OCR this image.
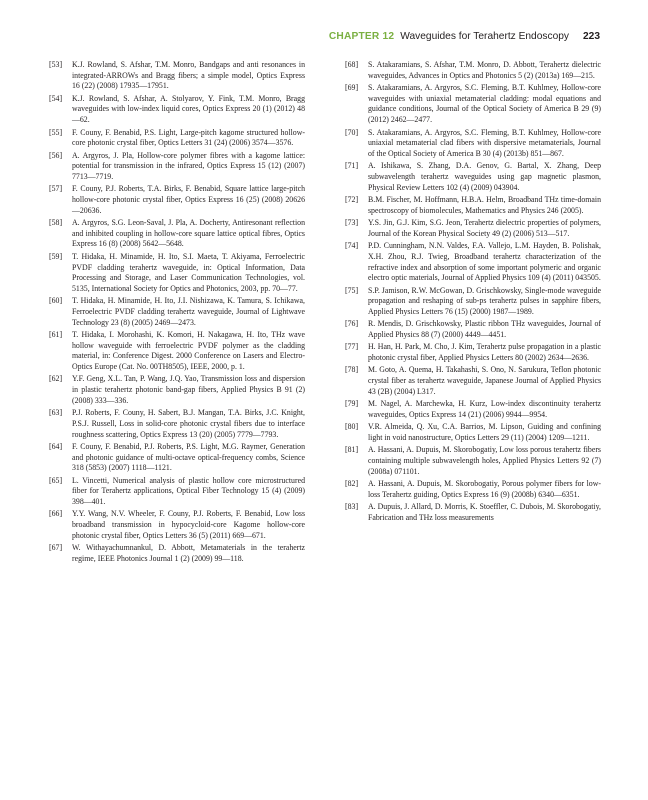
CHAPTER 12 Waveguides for Terahertz Endoscopy 223
[53] K.J. Rowland, S. Afshar, T.M. Monro, Bandgaps and anti resonances in integrated-ARROWs and Bragg fibers; a simple model, Optics Express 16 (22) (2008) 17935—17951.
[54] K.J. Rowland, S. Afshar, A. Stolyarov, Y. Fink, T.M. Monro, Bragg waveguides with low-index liquid cores, Optics Express 20 (1) (2012) 48—62.
[55] F. Couny, F. Benabid, P.S. Light, Large-pitch kagome structured hollow-core photonic crystal fiber, Optics Letters 31 (24) (2006) 3574—3576.
[56] A. Argyros, J. Pla, Hollow-core polymer fibres with a kagome lattice: potential for transmission in the infrared, Optics Express 15 (12) (2007) 7713—7719.
[57] F. Couny, P.J. Roberts, T.A. Birks, F. Benabid, Square lattice large-pitch hollow-core photonic crystal fiber, Optics Express 16 (25) (2008) 20626—20636.
[58] A. Argyros, S.G. Leon-Saval, J. Pla, A. Docherty, Antiresonant reflection and inhibited coupling in hollow-core square lattice optical fibres, Optics Express 16 (8) (2008) 5642—5648.
[59] T. Hidaka, H. Minamide, H. Ito, S.I. Maeta, T. Akiyama, Ferroelectric PVDF cladding terahertz waveguide, in: Optical Information, Data Processing and Storage, and Laser Communication Technologies, vol. 5135, International Society for Optics and Photonics, 2003, pp. 70—77.
[60] T. Hidaka, H. Minamide, H. Ito, J.I. Nishizawa, K. Tamura, S. Ichikawa, Ferroelectric PVDF cladding terahertz waveguide, Journal of Lightwave Technology 23 (8) (2005) 2469—2473.
[61] T. Hidaka, I. Morohashi, K. Komori, H. Nakagawa, H. Ito, THz wave hollow waveguide with ferroelectric PVDF polymer as the cladding material, in: Conference Digest. 2000 Conference on Lasers and Electro-Optics Europe (Cat. No. 00TH8505), IEEE, 2000, p. 1.
[62] Y.F. Geng, X.L. Tan, P. Wang, J.Q. Yao, Transmission loss and dispersion in plastic terahertz photonic band-gap fibers, Applied Physics B 91 (2) (2008) 333—336.
[63] P.J. Roberts, F. Couny, H. Sabert, B.J. Mangan, T.A. Birks, J.C. Knight, P.S.J. Russell, Loss in solid-core photonic crystal fibers due to interface roughness scattering, Optics Express 13 (20) (2005) 7779—7793.
[64] F. Couny, F. Benabid, P.J. Roberts, P.S. Light, M.G. Raymer, Generation and photonic guidance of multi-octave optical-frequency combs, Science 318 (5853) (2007) 1118—1121.
[65] L. Vincetti, Numerical analysis of plastic hollow core microstructured fiber for Terahertz applications, Optical Fiber Technology 15 (4) (2009) 398—401.
[66] Y.Y. Wang, N.V. Wheeler, F. Couny, P.J. Roberts, F. Benabid, Low loss broadband transmission in hypocycloid-core Kagome hollow-core photonic crystal fiber, Optics Letters 36 (5) (2011) 669—671.
[67] W. Withayachumnankul, D. Abbott, Metamaterials in the terahertz regime, IEEE Photonics Journal 1 (2) (2009) 99—118.
[68] S. Atakaramians, S. Afshar, T.M. Monro, D. Abbott, Terahertz dielectric waveguides, Advances in Optics and Photonics 5 (2) (2013a) 169—215.
[69] S. Atakaramians, A. Argyros, S.C. Fleming, B.T. Kuhlmey, Hollow-core waveguides with uniaxial metamaterial cladding: modal equations and guidance conditions, Journal of the Optical Society of America B 29 (9) (2012) 2462—2477.
[70] S. Atakaramians, A. Argyros, S.C. Fleming, B.T. Kuhlmey, Hollow-core uniaxial metamaterial clad fibers with dispersive metamaterials, Journal of the Optical Society of America B 30 (4) (2013b) 851—867.
[71] A. Ishikawa, S. Zhang, D.A. Genov, G. Bartal, X. Zhang, Deep subwavelength terahertz waveguides using gap magnetic plasmon, Physical Review Letters 102 (4) (2009) 043904.
[72] B.M. Fischer, M. Hoffmann, H.B.A. Helm, Broadband THz time-domain spectroscopy of biomolecules, Mathematics and Physics 246 (2005).
[73] Y.S. Jin, G.J. Kim, S.G. Jeon, Terahertz dielectric properties of polymers, Journal of the Korean Physical Society 49 (2) (2006) 513—517.
[74] P.D. Cunningham, N.N. Valdes, F.A. Vallejo, L.M. Hayden, B. Polishak, X.H. Zhou, R.J. Twieg, Broadband terahertz characterization of the refractive index and absorption of some important polymeric and organic electro optic materials, Journal of Applied Physics 109 (4) (2011) 043505.
[75] S.P. Jamison, R.W. McGowan, D. Grischkowsky, Single-mode waveguide propagation and reshaping of sub-ps terahertz pulses in sapphire fibers, Applied Physics Letters 76 (15) (2000) 1987—1989.
[76] R. Mendis, D. Grischkowsky, Plastic ribbon THz waveguides, Journal of Applied Physics 88 (7) (2000) 4449—4451.
[77] H. Han, H. Park, M. Cho, J. Kim, Terahertz pulse propagation in a plastic photonic crystal fiber, Applied Physics Letters 80 (2002) 2634—2636.
[78] M. Goto, A. Quema, H. Takahashi, S. Ono, N. Sarukura, Teflon photonic crystal fiber as terahertz waveguide, Japanese Journal of Applied Physics 43 (2B) (2004) L317.
[79] M. Nagel, A. Marchewka, H. Kurz, Low-index discontinuity terahertz waveguides, Optics Express 14 (21) (2006) 9944—9954.
[80] V.R. Almeida, Q. Xu, C.A. Barrios, M. Lipson, Guiding and confining light in void nanostructure, Optics Letters 29 (11) (2004) 1209—1211.
[81] A. Hassani, A. Dupuis, M. Skorobogatiy, Low loss porous terahertz fibers containing multiple subwavelength holes, Applied Physics Letters 92 (7) (2008a) 071101.
[82] A. Hassani, A. Dupuis, M. Skorobogatiy, Porous polymer fibers for low-loss Terahertz guiding, Optics Express 16 (9) (2008b) 6340—6351.
[83] A. Dupuis, J. Allard, D. Morris, K. Stoeffler, C. Dubois, M. Skorobogatiy, Fabrication and THz loss measurements
